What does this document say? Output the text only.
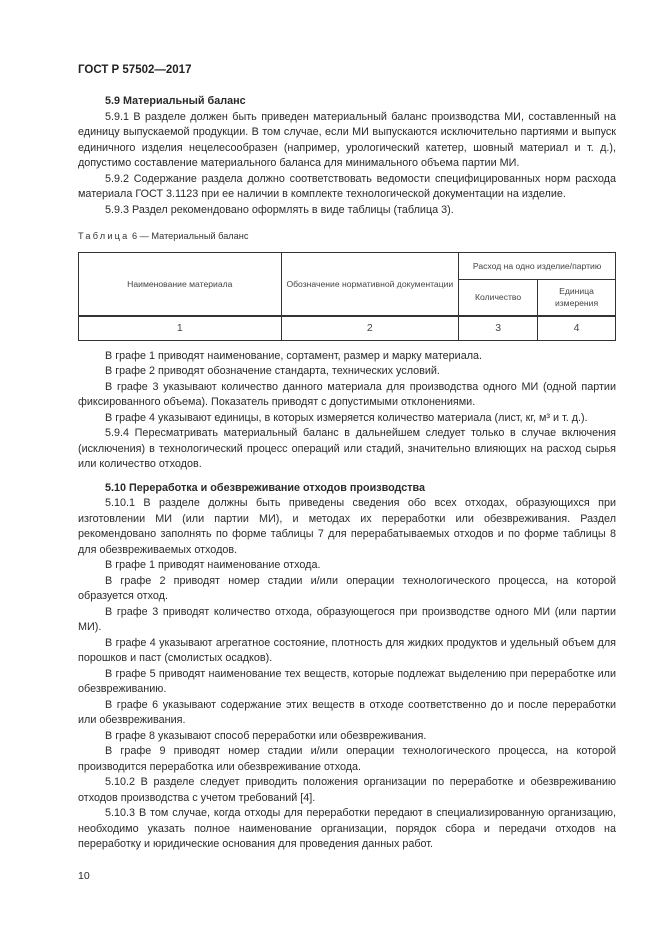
ГОСТ Р 57502—2017

5.9 Материальный баланс

5.9.1 В разделе должен быть приведен материальный баланс производства МИ, составленный на единицу выпускаемой продукции. В том случае, если МИ выпускаются исключительно партиями и выпуск единичного изделия нецелесообразен (например, урологический катетер, шовный материал и т. д.), допустимо составление материального баланса для минимального объема партии МИ.

5.9.2 Содержание раздела должно соответствовать ведомости специфицированных норм расхода материала ГОСТ 3.1123 при ее наличии в комплекте технологической документации на изделие.

5.9.3 Раздел рекомендовано оформлять в виде таблицы (таблица 3).

Таблица 6 — Материальный баланс
Наименование материала	Обозначение нормативной документации	Расход на одно изделие/партию	
		Количество	Единица измерения
1	2	3	4

В графе 1 приводят наименование, сортамент, размер и марку материала.

В графе 2 приводят обозначение стандарта, технических условий.

В графе 3 указывают количество данного материала для производства одного МИ (одной партии фиксированного объема). Показатель приводят с допустимыми отклонениями.

В графе 4 указывают единицы, в которых измеряется количество материала (лист, кг, м³ и т. д.).

5.9.4 Пересматривать материальный баланс в дальнейшем следует только в случае включения (исключения) в технологический процесс операций или стадий, значительно влияющих на расход сырья или количество отходов.

5.10 Переработка и обезвреживание отходов производства

5.10.1 В разделе должны быть приведены сведения обо всех отходах, образующихся при изготовлении МИ (или партии МИ), и методах их переработки или обезвреживания. Раздел рекомендовано заполнять по форме таблицы 7 для перерабатываемых отходов и по форме таблицы 8 для обезвреживаемых отходов.

В графе 1 приводят наименование отхода.

В графе 2 приводят номер стадии и/или операции технологического процесса, на которой образуется отход.

В графе 3 приводят количество отхода, образующегося при производстве одного МИ (или партии МИ).

В графе 4 указывают агрегатное состояние, плотность для жидких продуктов и удельный объем для порошков и паст (смолистых осадков).

В графе 5 приводят наименование тех веществ, которые подлежат выделению при переработке или обезвреживанию.

В графе 6 указывают содержание этих веществ в отходе соответственно до и после переработки или обезвреживания.

В графе 8 указывают способ переработки или обезвреживания.

В графе 9 приводят номер стадии и/или операции технологического процесса, на которой производится переработка или обезвреживание отхода.

5.10.2 В разделе следует приводить положения организации по переработке и обезвреживанию отходов производства с учетом требований [4].

5.10.3 В том случае, когда отходы для переработки передают в специализированную организацию, необходимо указать полное наименование организации, порядок сбора и передачи отходов на переработку и юридические основания для проведения данных работ.

10
